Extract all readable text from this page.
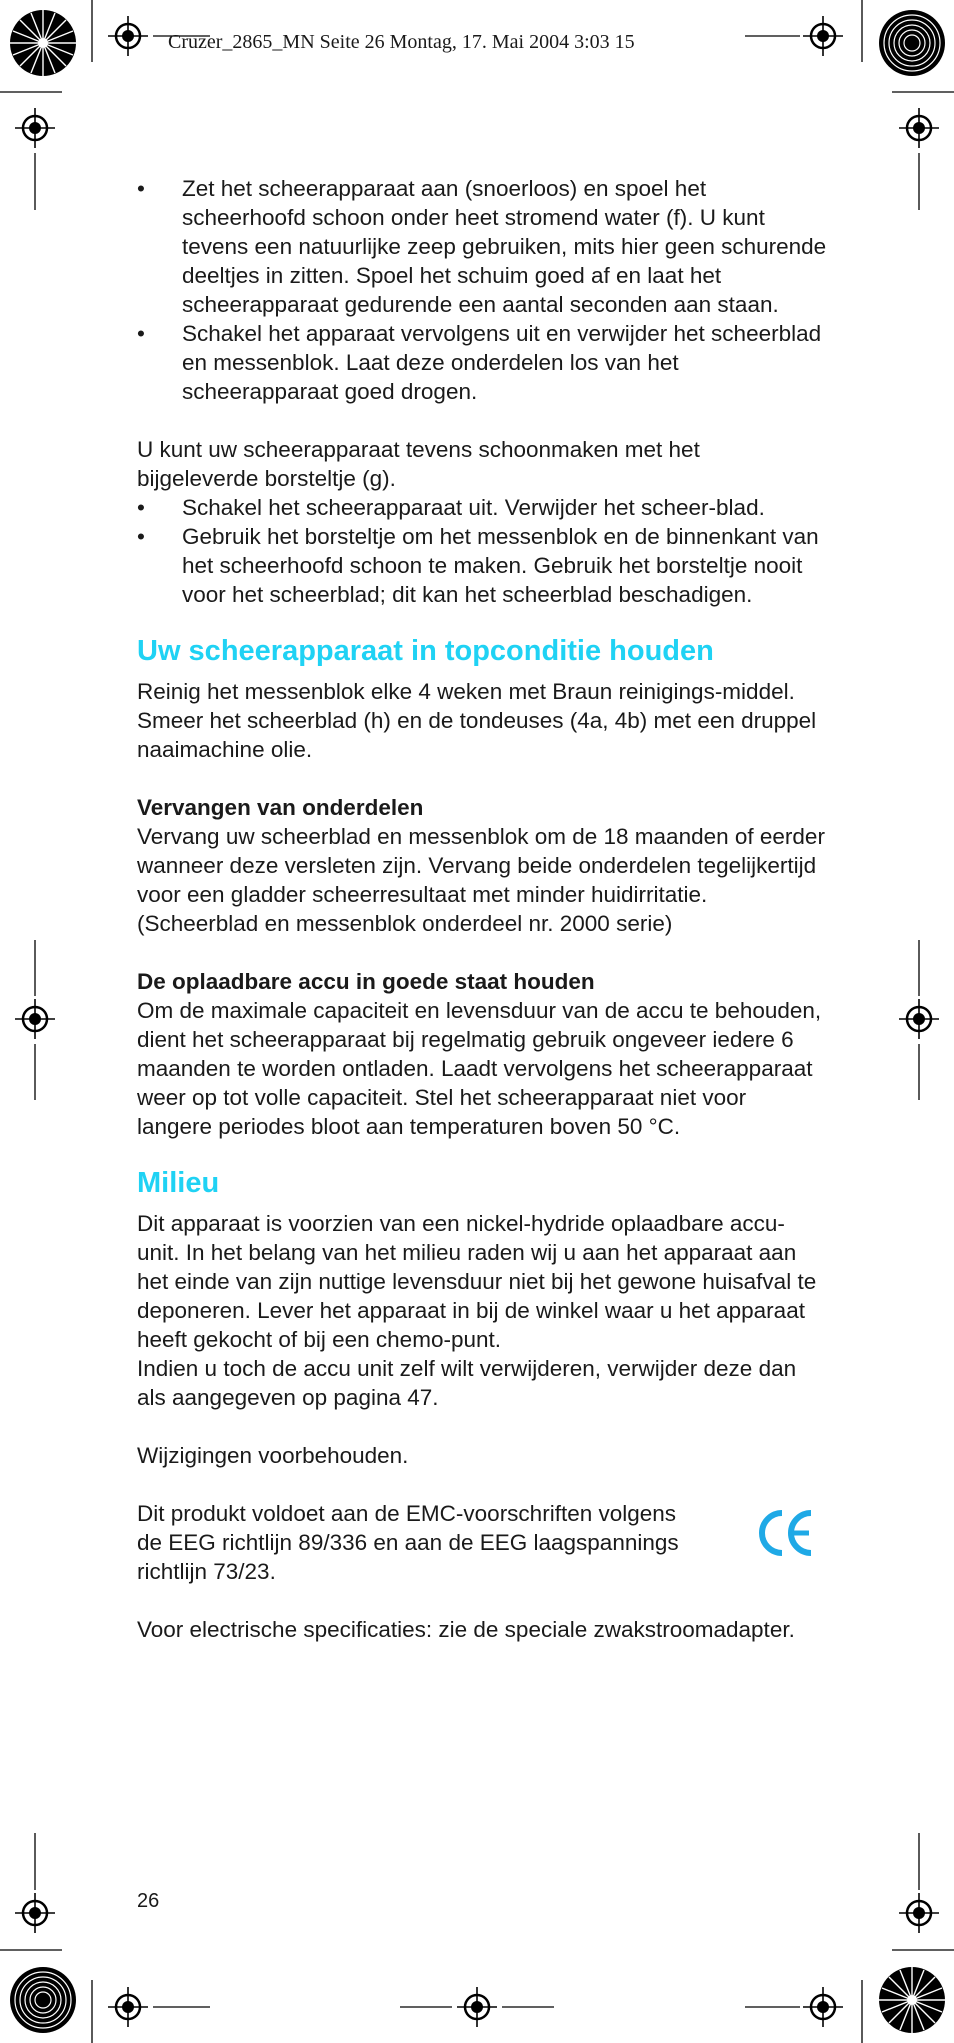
Cruzer_2865_MN Seite 26 Montag, 17. Mai 2004 3:03 15
• Zet het scheerapparaat aan (snoerloos) en spoel het scheerhoofd schoon onder heet stromend water (f). U kunt tevens een natuurlijke zeep gebruiken, mits hier geen schurende deeltjes in zitten. Spoel het schuim goed af en laat het scheerapparaat gedurende een aantal seconden aan staan.
• Schakel het apparaat vervolgens uit en verwijder het scheerblad en messenblok. Laat deze onderdelen los van het scheerapparaat goed drogen.

U kunt uw scheerapparaat tevens schoonmaken met het bijgeleverde borsteltje (g).

• Schakel het scheerapparaat uit. Verwijder het scheer-blad.
• Gebruik het borsteltje om het messenblok en de binnenkant van het scheerhoofd schoon te maken. Gebruik het borsteltje nooit voor het scheerblad; dit kan het scheerblad beschadigen.
Uw scheerapparaat in topconditie houden

Reinig het messenblok elke 4 weken met Braun reinigings-middel. Smeer het scheerblad (h) en de tondeuses (4a, 4b) met een druppel naaimachine olie.

Vervangen van onderdelen

Vervang uw scheerblad en messenblok om de 18 maanden of eerder wanneer deze versleten zijn. Vervang beide onderdelen tegelijkertijd voor een gladder scheerresultaat met minder huidirritatie.

(Scheerblad en messenblok onderdeel nr. 2000 serie)

De oplaadbare accu in goede staat houden

Om de maximale capaciteit en levensduur van de accu te behouden, dient het scheerapparaat bij regelmatig gebruik ongeveer iedere 6 maanden te worden ontladen. Laadt vervolgens het scheerapparaat weer op tot volle capaciteit. Stel het scheerapparaat niet voor langere periodes bloot aan temperaturen boven 50 °C.

Milieu

Dit apparaat is voorzien van een nickel-hydride oplaadbare accu-unit. In het belang van het milieu raden wij u aan het apparaat aan het einde van zijn nuttige levensduur niet bij het gewone huisafval te deponeren. Lever het apparaat in bij de winkel waar u het apparaat heeft gekocht of bij een chemo-punt.

Indien u toch de accu unit zelf wilt verwijderen, verwijder deze dan als aangegeven op pagina 47.

Wijzigingen voorbehouden.

Dit produkt voldoet aan de EMC-voorschriften volgens de EEG richtlijn 89/336 en aan de EEG laagspannings richtlijn 73/23.

Voor electrische specificaties: zie de speciale zwakstroomadapter.

26
